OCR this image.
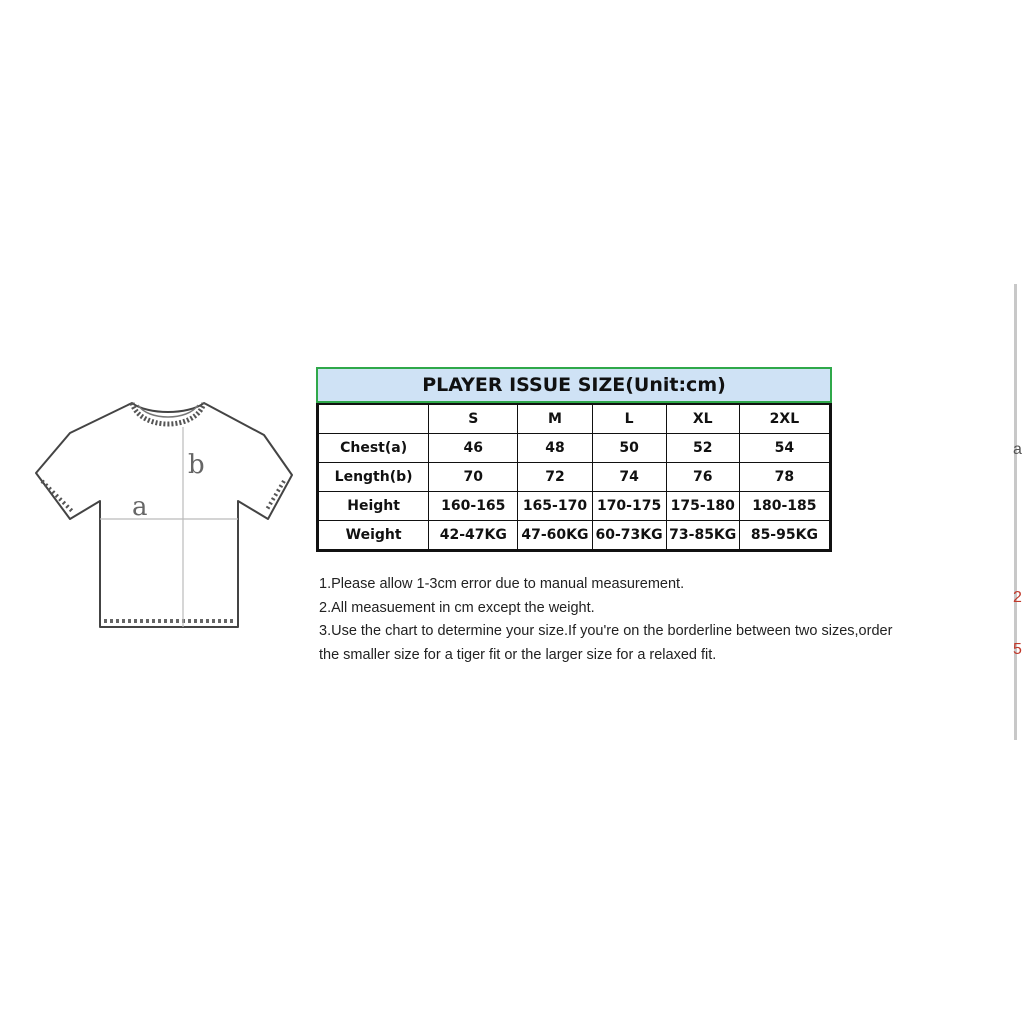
a
b
PLAYER ISSUE SIZE(Unit:cm)
	S	M	L	XL	2XL
Chest(a)	46	48	50	52	54
Length(b)	70	72	74	76	78
Height	160-165	165-170	170-175	175-180	180-185
Weight	42-47KG	47-60KG	60-73KG	73-85KG	85-95KG

1.Please allow 1-3cm error due to manual measurement.

2.All measuement in cm except the weight.

3.Use the chart to determine your size.If you're on the borderline between two sizes,order

the smaller size for a tiger fit or the larger size for a relaxed fit.

a
2
5
